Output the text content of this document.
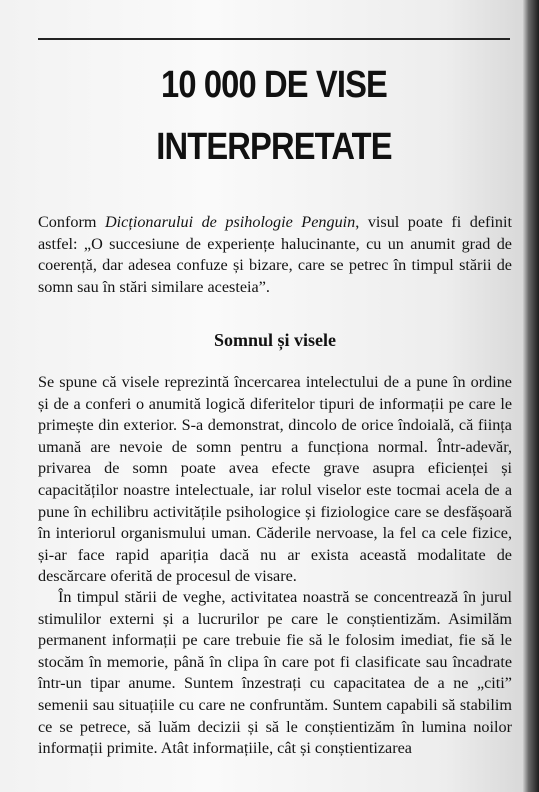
10 000 DE VISE
INTERPRETATE

Conform Dicționarului de psihologie Penguin, visul poate fi definit astfel: „O succesiune de experiențe halucinante, cu un anumit grad de coerență, dar adesea confuze și bizare, care se petrec în timpul stării de somn sau în stări similare acesteia”.

Somnul și visele

Se spune că visele reprezintă încercarea intelectului de a pune în ordine și de a conferi o anumită logică diferitelor tipuri de informații pe care le primește din exterior. S-a demonstrat, dincolo de orice îndoială, că ființa umană are nevoie de somn pentru a funcționa normal. Într-adevăr, privarea de somn poate avea efecte grave asupra eficienței și capacităților noastre intelectuale, iar rolul viselor este tocmai acela de a pune în echilibru activitățile psihologice și fiziologice care se desfășoară în interiorul organismului uman. Căderile nervoase, la fel ca cele fizice, și-ar face rapid apariția dacă nu ar exista această modalitate de descărcare oferită de procesul de visare.

În timpul stării de veghe, activitatea noastră se concentrează în jurul stimulilor externi și a lucrurilor pe care le conștientizăm. Asimilăm permanent informații pe care trebuie fie să le folosim imediat, fie să le stocăm în memorie, până în clipa în care pot fi clasificate sau încadrate într-un tipar anume. Suntem înzestrați cu capacitatea de a ne „citi” semenii sau situațiile cu care ne confruntăm. Suntem capabili să stabilim ce se petrece, să luăm decizii și să le conștientizăm în lumina noilor informații primite. Atât informațiile, cât și conștientizarea
